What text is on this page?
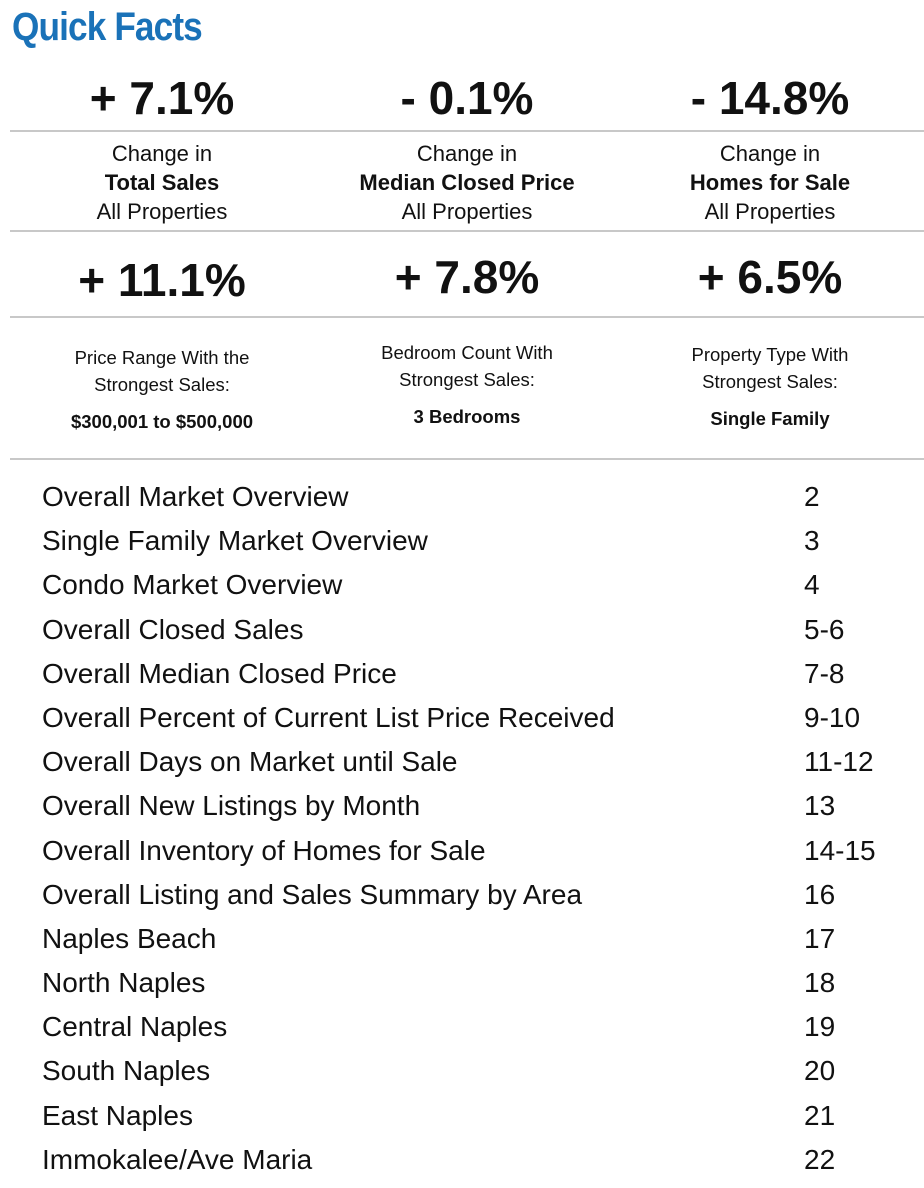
Quick Facts
+ 7.1%	- 0.1%	- 14.8%
Change in
Total Sales
All Properties
Change in
Median Closed Price
All Properties
Change in
Homes for Sale
All Properties
+ 11.1%	+ 7.8%	+ 6.5%
Price Range With the
Strongest Sales:
$300,001 to $500,000
Bedroom Count With
Strongest Sales:
3 Bedrooms
Property Type With
Strongest Sales:
Single Family
Overall Market Overview	2
Single Family Market Overview	3
Condo Market Overview	4
Overall Closed Sales	5-6
Overall Median Closed Price	7-8
Overall Percent of Current List Price Received	9-10
Overall Days on Market until Sale	11-12
Overall New Listings by Month	13
Overall Inventory of Homes for Sale	14-15
Overall Listing and Sales Summary by Area	16
Naples Beach	17
North Naples	18
Central Naples	19
South Naples	20
East Naples	21
Immokalee/Ave Maria	22
